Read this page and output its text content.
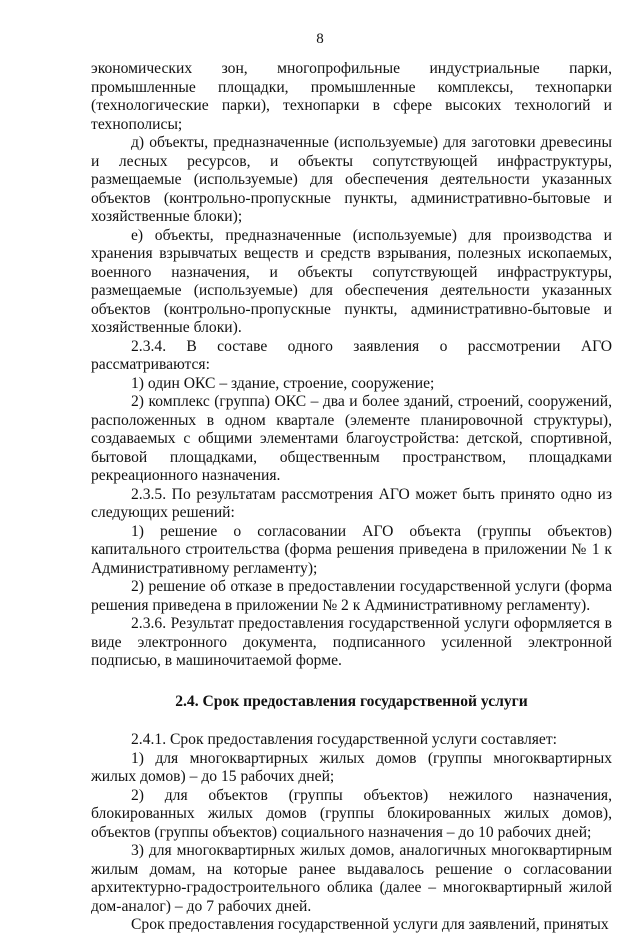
8

экономических зон, многопрофильные индустриальные парки, промышленные площадки, промышленные комплексы, технопарки (технологические парки), технопарки в сфере высоких технологий и технополисы;

д) объекты, предназначенные (используемые) для заготовки древесины и лесных ресурсов, и объекты сопутствующей инфраструктуры, размещаемые (используемые) для обеспечения деятельности указанных объектов (контрольно-пропускные пункты, административно-бытовые и хозяйственные блоки);

е) объекты, предназначенные (используемые) для производства и хранения взрывчатых веществ и средств взрывания, полезных ископаемых, военного назначения, и объекты сопутствующей инфраструктуры, размещаемые (используемые) для обеспечения деятельности указанных объектов (контрольно-пропускные пункты, административно-бытовые и хозяйственные блоки).

2.3.4. В составе одного заявления о рассмотрении АГО рассматриваются:

1) один ОКС – здание, строение, сооружение;

2) комплекс (группа) ОКС – два и более зданий, строений, сооружений, расположенных в одном квартале (элементе планировочной структуры), создаваемых с общими элементами благоустройства: детской, спортивной, бытовой площадками, общественным пространством, площадками рекреационного назначения.

2.3.5. По результатам рассмотрения АГО может быть принято одно из следующих решений:

1) решение о согласовании АГО объекта (группы объектов) капитального строительства (форма решения приведена в приложении № 1 к Административному регламенту);

2) решение об отказе в предоставлении государственной услуги (форма решения приведена в приложении № 2 к Административному регламенту).

2.3.6. Результат предоставления государственной услуги оформляется в виде электронного документа, подписанного усиленной электронной подписью, в машиночитаемой форме.

2.4. Срок предоставления государственной услуги

2.4.1. Срок предоставления государственной услуги составляет:

1) для многоквартирных жилых домов (группы многоквартирных жилых домов) – до 15 рабочих дней;

2) для объектов (группы объектов) нежилого назначения, блокированных жилых домов (группы блокированных жилых домов), объектов (группы объектов) социального назначения – до 10 рабочих дней;

3) для многоквартирных жилых домов, аналогичных многоквартирным жилым домам, на которые ранее выдавалось решение о согласовании архитектурно-градостроительного облика (далее – многоквартирный жилой дом-аналог) – до 7 рабочих дней.

Срок предоставления государственной услуги для заявлений, принятых
